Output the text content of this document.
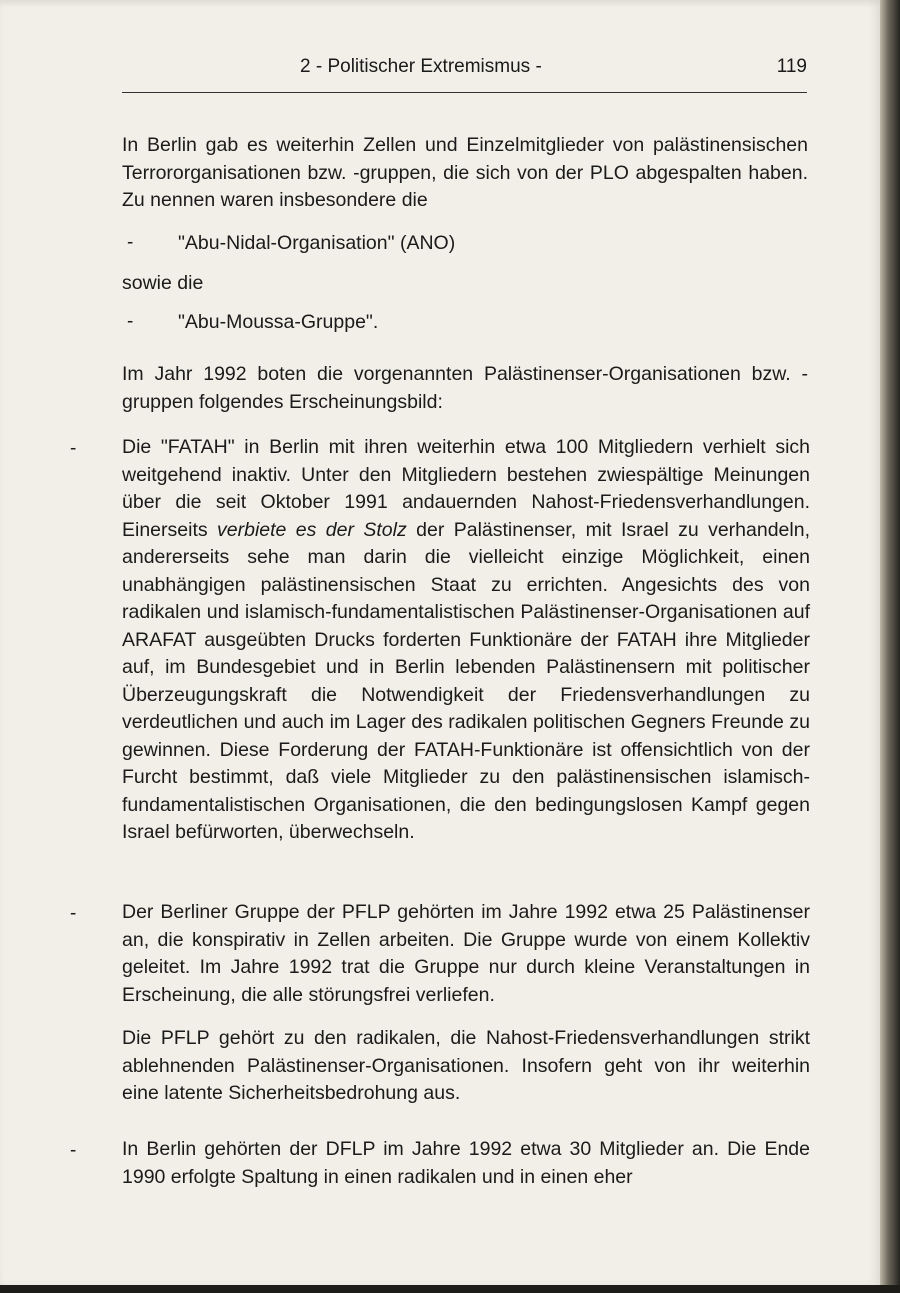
2 - Politischer Extremismus -	119

In Berlin gab es weiterhin Zellen und Einzelmitglieder von palästinensischen Terrororganisationen bzw. -gruppen, die sich von der PLO abgespalten haben. Zu nennen waren insbesondere die

- "Abu-Nidal-Organisation" (ANO)
sowie die
- "Abu-Moussa-Gruppe".

Im Jahr 1992 boten die vorgenannten Palästinenser-Organisationen bzw. -gruppen folgendes Erscheinungsbild:

- Die "FATAH" in Berlin mit ihren weiterhin etwa 100 Mitgliedern verhielt sich weitgehend inaktiv. Unter den Mitgliedern bestehen zwiespältige Meinungen über die seit Oktober 1991 andauernden Nahost-Friedensverhandlungen. Einerseits verbiete es der Stolz der Palästinenser, mit Israel zu verhandeln, andererseits sehe man darin die vielleicht einzige Möglichkeit, einen unabhängigen palästinensischen Staat zu errichten. Angesichts des von radikalen und islamisch-fundamentalistischen Palästinenser-Organisationen auf ARAFAT ausgeübten Drucks forderten Funktionäre der FATAH ihre Mitglieder auf, im Bundesgebiet und in Berlin lebenden Palästinensern mit politischer Überzeugungskraft die Notwendigkeit der Friedensverhandlungen zu verdeutlichen und auch im Lager des radikalen politischen Gegners Freunde zu gewinnen. Diese Forderung der FATAH-Funktionäre ist offensichtlich von der Furcht bestimmt, daß viele Mitglieder zu den palästinensischen islamisch-fundamentalistischen Organisationen, die den bedingungslosen Kampf gegen Israel befürworten, überwechseln.

- Der Berliner Gruppe der PFLP gehörten im Jahre 1992 etwa 25 Palästinenser an, die konspirativ in Zellen arbeiten. Die Gruppe wurde von einem Kollektiv geleitet. Im Jahre 1992 trat die Gruppe nur durch kleine Veranstaltungen in Erscheinung, die alle störungsfrei verliefen.

Die PFLP gehört zu den radikalen, die Nahost-Friedensverhandlungen strikt ablehnenden Palästinenser-Organisationen. Insofern geht von ihr weiterhin eine latente Sicherheitsbedrohung aus.

- In Berlin gehörten der DFLP im Jahre 1992 etwa 30 Mitglieder an. Die Ende 1990 erfolgte Spaltung in einen radikalen und in einen eher
